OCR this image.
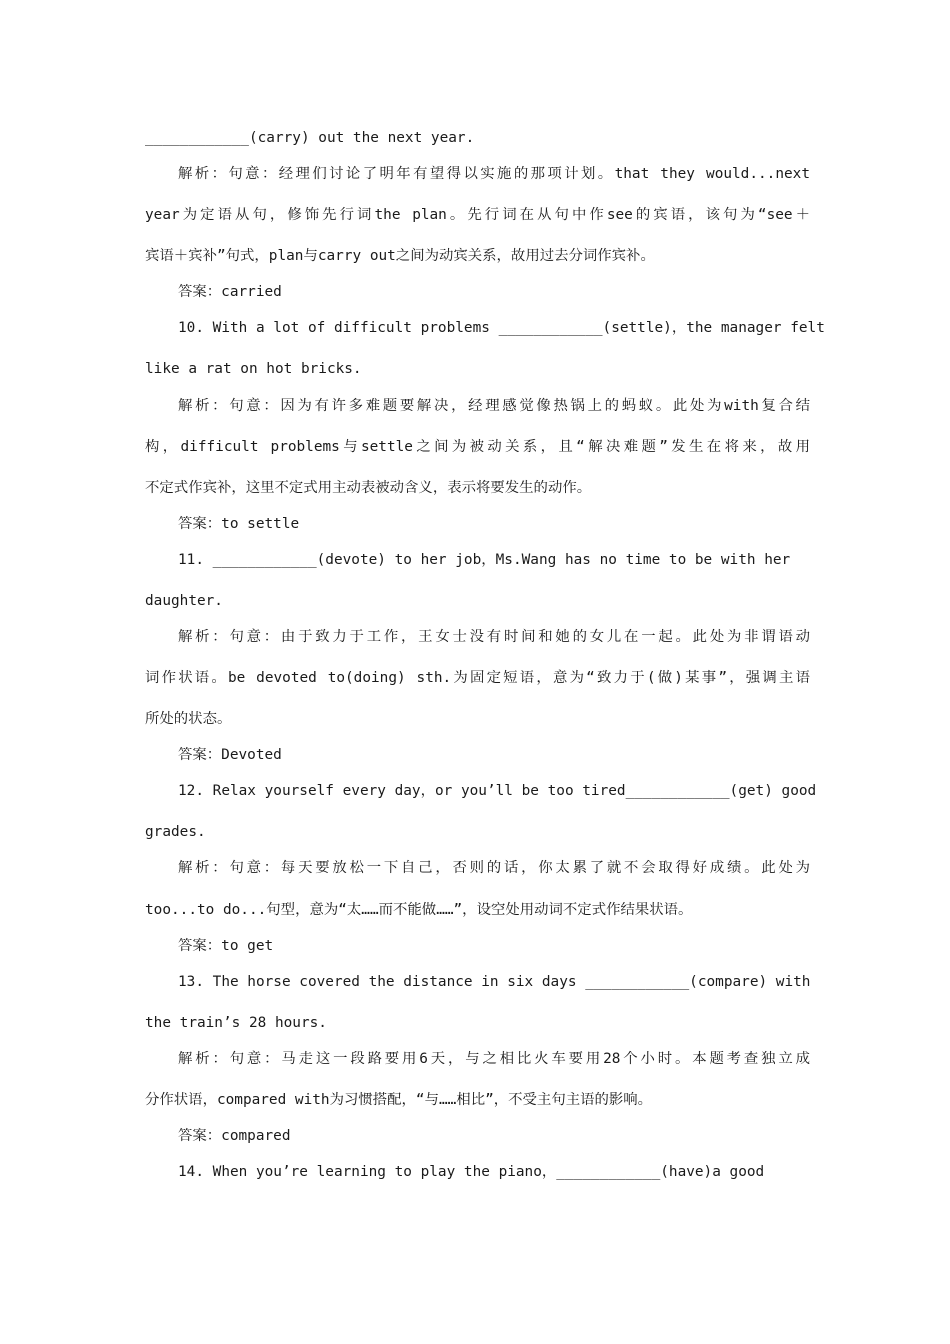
____________(carry) out the next year.
解析：句意：经理们讨论了明年有望得以实施的那项计划。that they would...next
year为定语从句，修饰先行词the plan。先行词在从句中作see的宾语，该句为“see＋
宾语＋宾补”句式，plan与carry out之间为动宾关系，故用过去分词作宾补。
答案：carried
10. With a lot of difficult problems ____________(settle)，the manager felt
like a rat on hot bricks.
解析：句意：因为有许多难题要解决，经理感觉像热锅上的蚂蚁。此处为with复合结
构，difficult problems与settle之间为被动关系，且“解决难题”发生在将来，故用
不定式作宾补，这里不定式用主动表被动含义，表示将要发生的动作。
答案：to settle
11. ____________(devote) to her job，Ms.Wang has no time to be with her
daughter.
解析：句意：由于致力于工作，王女士没有时间和她的女儿在一起。此处为非谓语动
词作状语。be devoted to(doing) sth.为固定短语，意为“致力于(做)某事”，强调主语
所处的状态。
答案：Devoted
12. Relax yourself every day，or you’ll be too tired____________(get) good
grades.
解析：句意：每天要放松一下自己，否则的话，你太累了就不会取得好成绩。此处为
too...to do...句型，意为“太……而不能做……”，设空处用动词不定式作结果状语。
答案：to get
13. The horse covered the distance in six days ____________(compare) with
the train’s 28 hours.
解析：句意：马走这一段路要用6天，与之相比火车要用28个小时。本题考查独立成
分作状语，compared with为习惯搭配，“与……相比”，不受主句主语的影响。
答案：compared
14. When you’re learning to play the piano，____________(have)a good
